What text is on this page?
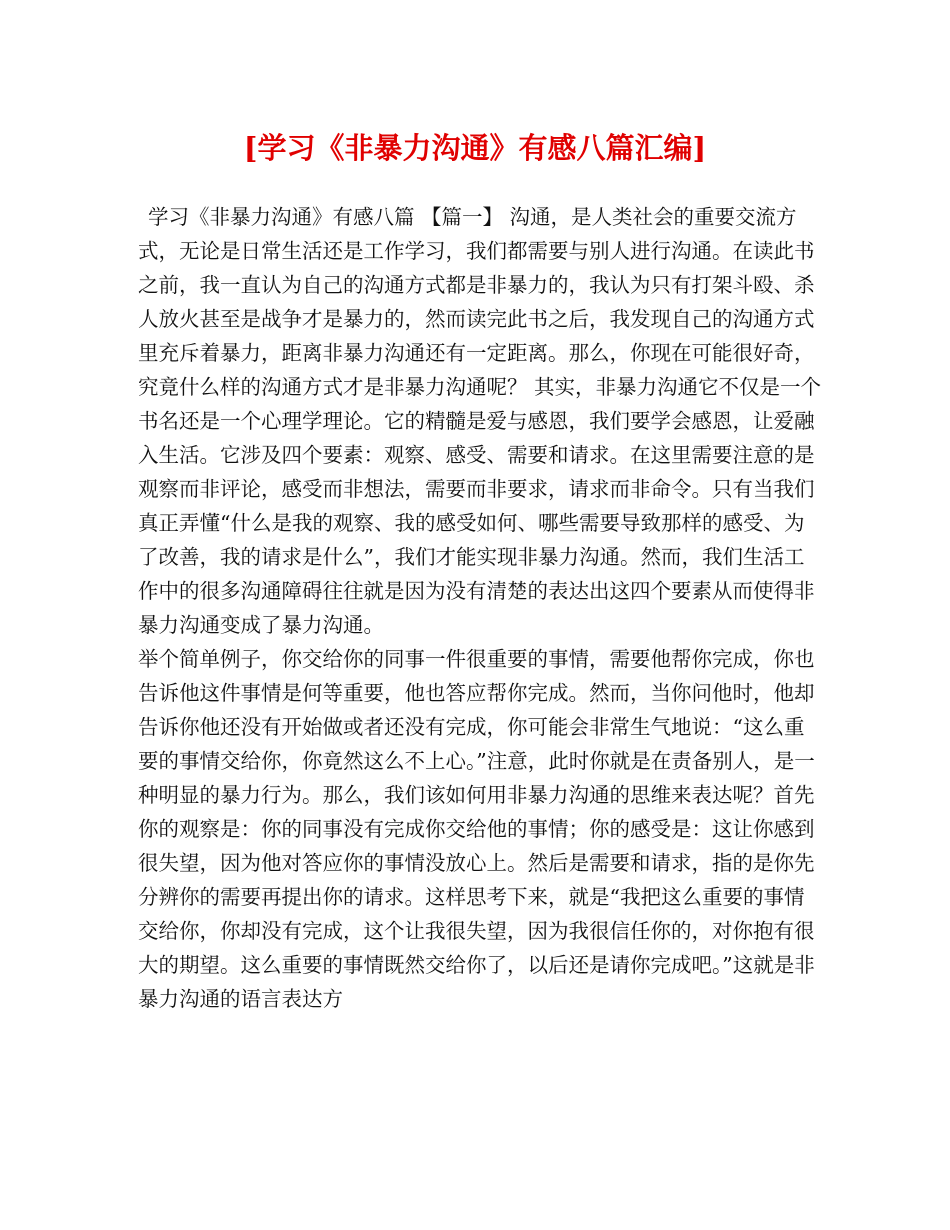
[学习《非暴力沟通》有感八篇汇编]

学习《非暴力沟通》有感八篇 【篇一】 沟通，是人类社会的重要交流方式，无论是日常生活还是工作学习，我们都需要与别人进行沟通。在读此书之前，我一直认为自己的沟通方式都是非暴力的，我认为只有打架斗殴、杀人放火甚至是战争才是暴力的，然而读完此书之后，我发现自己的沟通方式里充斥着暴力，距离非暴力沟通还有一定距离。那么，你现在可能很好奇，究竟什么样的沟通方式才是非暴力沟通呢？ 其实，非暴力沟通它不仅是一个书名还是一个心理学理论。它的精髓是爱与感恩，我们要学会感恩，让爱融入生活。它涉及四个要素：观察、感受、需要和请求。在这里需要注意的是观察而非评论，感受而非想法，需要而非要求，请求而非命令。只有当我们真正弄懂“什么是我的观察、我的感受如何、哪些需要导致那样的感受、为了改善，我的请求是什么”，我们才能实现非暴力沟通。然而，我们生活工作中的很多沟通障碍往往就是因为没有清楚的表达出这四个要素从而使得非暴力沟通变成了暴力沟通。

举个简单例子，你交给你的同事一件很重要的事情，需要他帮你完成，你也告诉他这件事情是何等重要，他也答应帮你完成。然而，当你问他时，他却告诉你他还没有开始做或者还没有完成，你可能会非常生气地说：“这么重要的事情交给你，你竟然这么不上心。”注意，此时你就是在责备别人，是一种明显的暴力行为。那么，我们该如何用非暴力沟通的思维来表达呢？首先你的观察是：你的同事没有完成你交给他的事情；你的感受是：这让你感到很失望，因为他对答应你的事情没放心上。然后是需要和请求，指的是你先分辨你的需要再提出你的请求。这样思考下来，就是“我把这么重要的事情交给你，你却没有完成，这个让我很失望，因为我很信任你的，对你抱有很大的期望。这么重要的事情既然交给你了，以后还是请你完成吧。”这就是非暴力沟通的语言表达方
